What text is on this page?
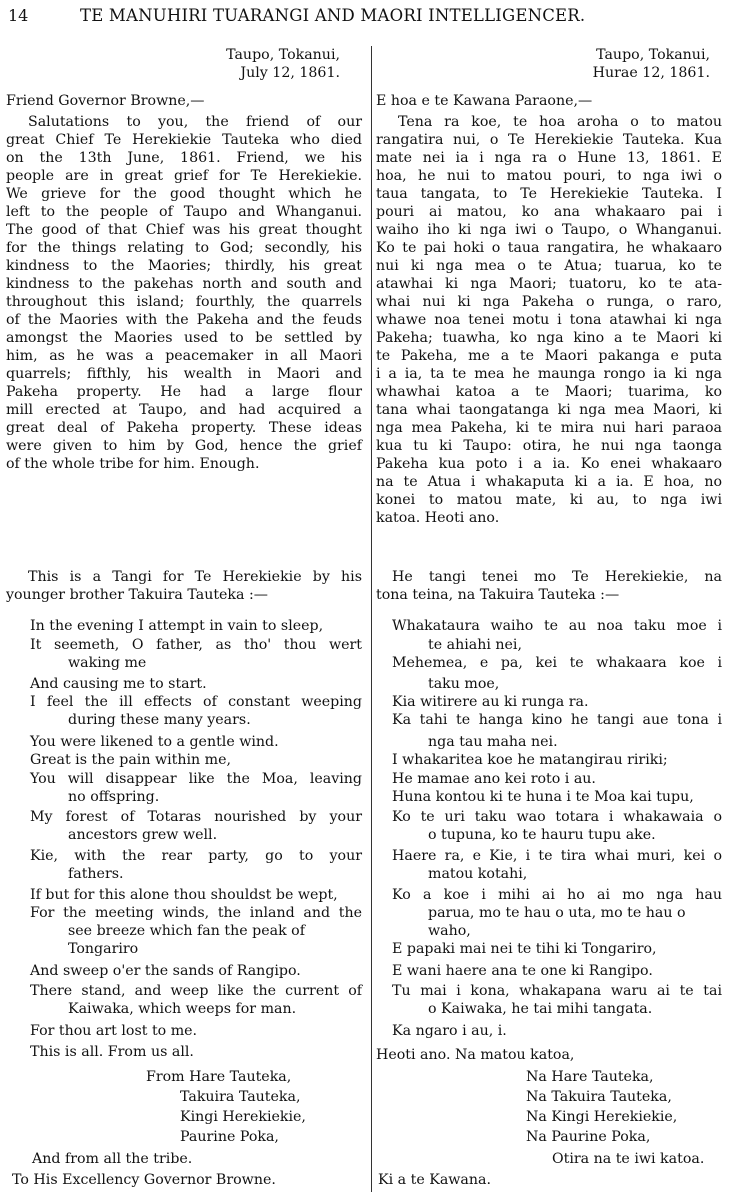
14	TE MANUHIRI TUARANGI AND MAORI INTELLIGENCER.
Taupo, Tokanui,
July 12, 1861.
Friend Governor Browne,—
Salutations to you, the friend of our
great Chief Te Herekiekie Tauteka who died
on the 13th June, 1861. Friend, we his
people are in great grief for Te Herekiekie.
We grieve for the good thought which he
left to the people of Taupo and Whanganui.
The good of that Chief was his great thought
for the things relating to God; secondly, his
kindness to the Maories; thirdly, his great
kindness to the pakehas north and south and
throughout this island; fourthly, the quarrels
of the Maories with the Pakeha and the feuds
amongst the Maories used to be settled by
him, as he was a peacemaker in all Maori
quarrels; fifthly, his wealth in Maori and
Pakeha property. He had a large flour
mill erected at Taupo, and had acquired a
great deal of Pakeha property. These ideas
were given to him by God, hence the grief
of the whole tribe for him. Enough.
This is a Tangi for Te Herekiekie by his
younger brother Takuira Tauteka :—
In the evening I attempt in vain to sleep,
It seemeth, O father, as tho' thou wert
waking me
And causing me to start.
I feel the ill effects of constant weeping
during these many years.
You were likened to a gentle wind.
Great is the pain within me,
You will disappear like the Moa, leaving
no offspring.
My forest of Totaras nourished by your
ancestors grew well.
Kie, with the rear party, go to your
fathers.
If but for this alone thou shouldst be wept,
For the meeting winds, the inland and the
see breeze which fan the peak of
Tongariro
And sweep o'er the sands of Rangipo.
There stand, and weep like the current of
Kaiwaka, which weeps for man.
For thou art lost to me.
This is all. From us all.
From Hare Tauteka,
Takuira Tauteka,
Kingi Herekiekie,
Paurine Poka,
And from all the tribe.
To His Excellency Governor Browne.
Taupo, Tokanui,
Hurae 12, 1861.
E hoa e te Kawana Paraone,—
Tena ra koe, te hoa aroha o to matou
rangatira nui, o Te Herekiekie Tauteka. Kua
mate nei ia i nga ra o Hune 13, 1861. E
hoa, he nui to matou pouri, to nga iwi o
taua tangata, to Te Herekiekie Tauteka. I
pouri ai matou, ko ana whakaaro pai i
waiho iho ki nga iwi o Taupo, o Whanganui.
Ko te pai hoki o taua rangatira, he whakaaro
nui ki nga mea o te Atua; tuarua, ko te
atawhai ki nga Maori; tuatoru, ko te ata-
whai nui ki nga Pakeha o runga, o raro,
whawe noa tenei motu i tona atawhai ki nga
Pakeha; tuawha, ko nga kino a te Maori ki
te Pakeha, me a te Maori pakanga e puta
i a ia, ta te mea he maunga rongo ia ki nga
whawhai katoa a te Maori; tuarima, ko
tana whai taongatanga ki nga mea Maori, ki
nga mea Pakeha, ki te mira nui hari paraoa
kua tu ki Taupo: otira, he nui nga taonga
Pakeha kua poto i a ia. Ko enei whakaaro
na te Atua i whakaputa ki a ia. E hoa, no
konei to matou mate, ki au, to nga iwi
katoa. Heoti ano.
He tangi tenei mo Te Herekiekie, na
tona teina, na Takuira Tauteka :—
Whakataura waiho te au noa taku moe i
te ahiahi nei,
Mehemea, e pa, kei te whakaara koe i
taku moe,
Kia witirere au ki runga ra.
Ka tahi te hanga kino he tangi aue tona i
nga tau maha nei.
I whakaritea koe he matangirau ririki;
He mamae ano kei roto i au.
Huna kontou ki te huna i te Moa kai tupu,
Ko te uri taku wao totara i whakawaia o
o tupuna, ko te hauru tupu ake.
Haere ra, e Kie, i te tira whai muri, kei o
matou kotahi,
Ko a koe i mihi ai ho ai mo nga hau
parua, mo te hau o uta, mo te hau o
waho,
E papaki mai nei te tihi ki Tongariro,
E wani haere ana te one ki Rangipo.
Tu mai i kona, whakapana waru ai te tai
o Kaiwaka, he tai mihi tangata.
Ka ngaro i au, i.
Heoti ano. Na matou katoa,
Na Hare Tauteka,
Na Takuira Tauteka,
Na Kingi Herekiekie,
Na Paurine Poka,
Otira na te iwi katoa.
Ki a te Kawana.
